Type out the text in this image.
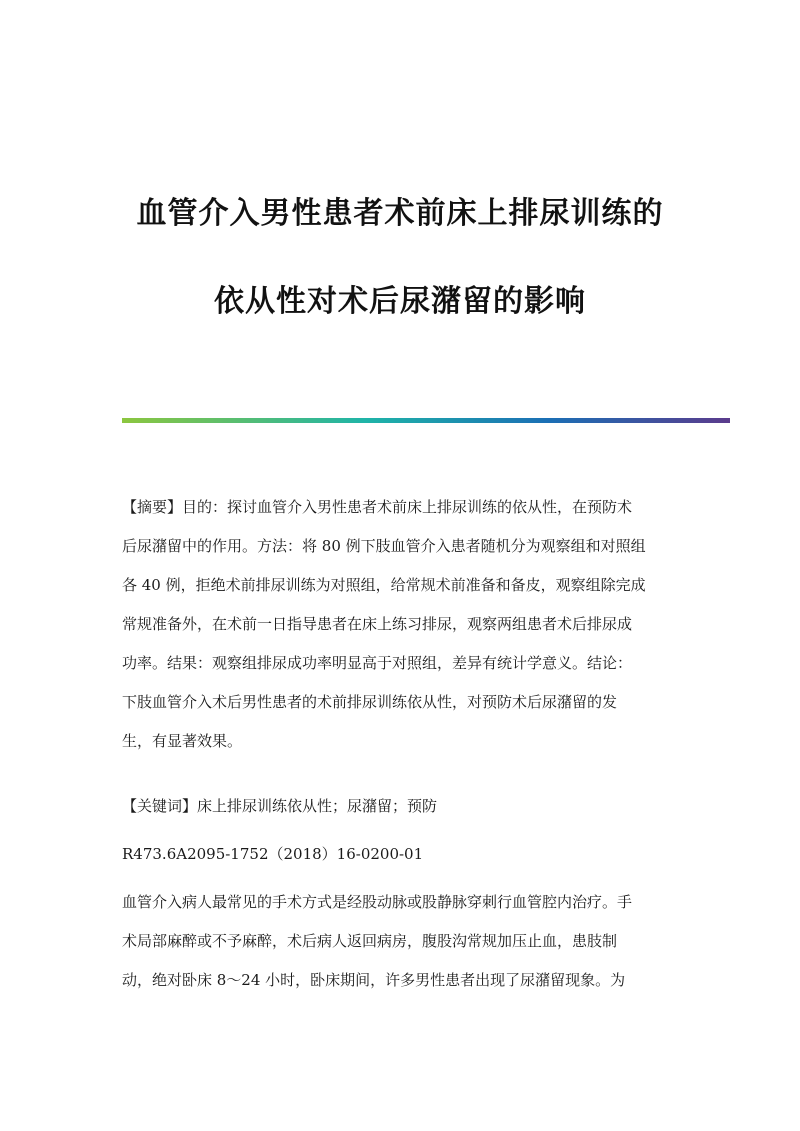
血管介入男性患者术前床上排尿训练的
依从性对术后尿潴留的影响
【摘要】目的：探讨血管介入男性患者术前床上排尿训练的依从性，在预防术
后尿潴留中的作用。方法：将 80 例下肢血管介入患者随机分为观察组和对照组
各 40 例，拒绝术前排尿训练为对照组，给常规术前准备和备皮，观察组除完成
常规准备外，在术前一日指导患者在床上练习排尿，观察两组患者术后排尿成
功率。结果：观察组排尿成功率明显高于对照组，差异有统计学意义。结论：
下肢血管介入术后男性患者的术前排尿训练依从性，对预防术后尿潴留的发
生，有显著效果。
【关键词】床上排尿训练依从性；尿潴留；预防
R473.6A2095-1752（2018）16-0200-01
血管介入病人最常见的手术方式是经股动脉或股静脉穿刺行血管腔内治疗。手
术局部麻醉或不予麻醉，术后病人返回病房，腹股沟常规加压止血，患肢制
动，绝对卧床 8～24 小时，卧床期间，许多男性患者出现了尿潴留现象。为
